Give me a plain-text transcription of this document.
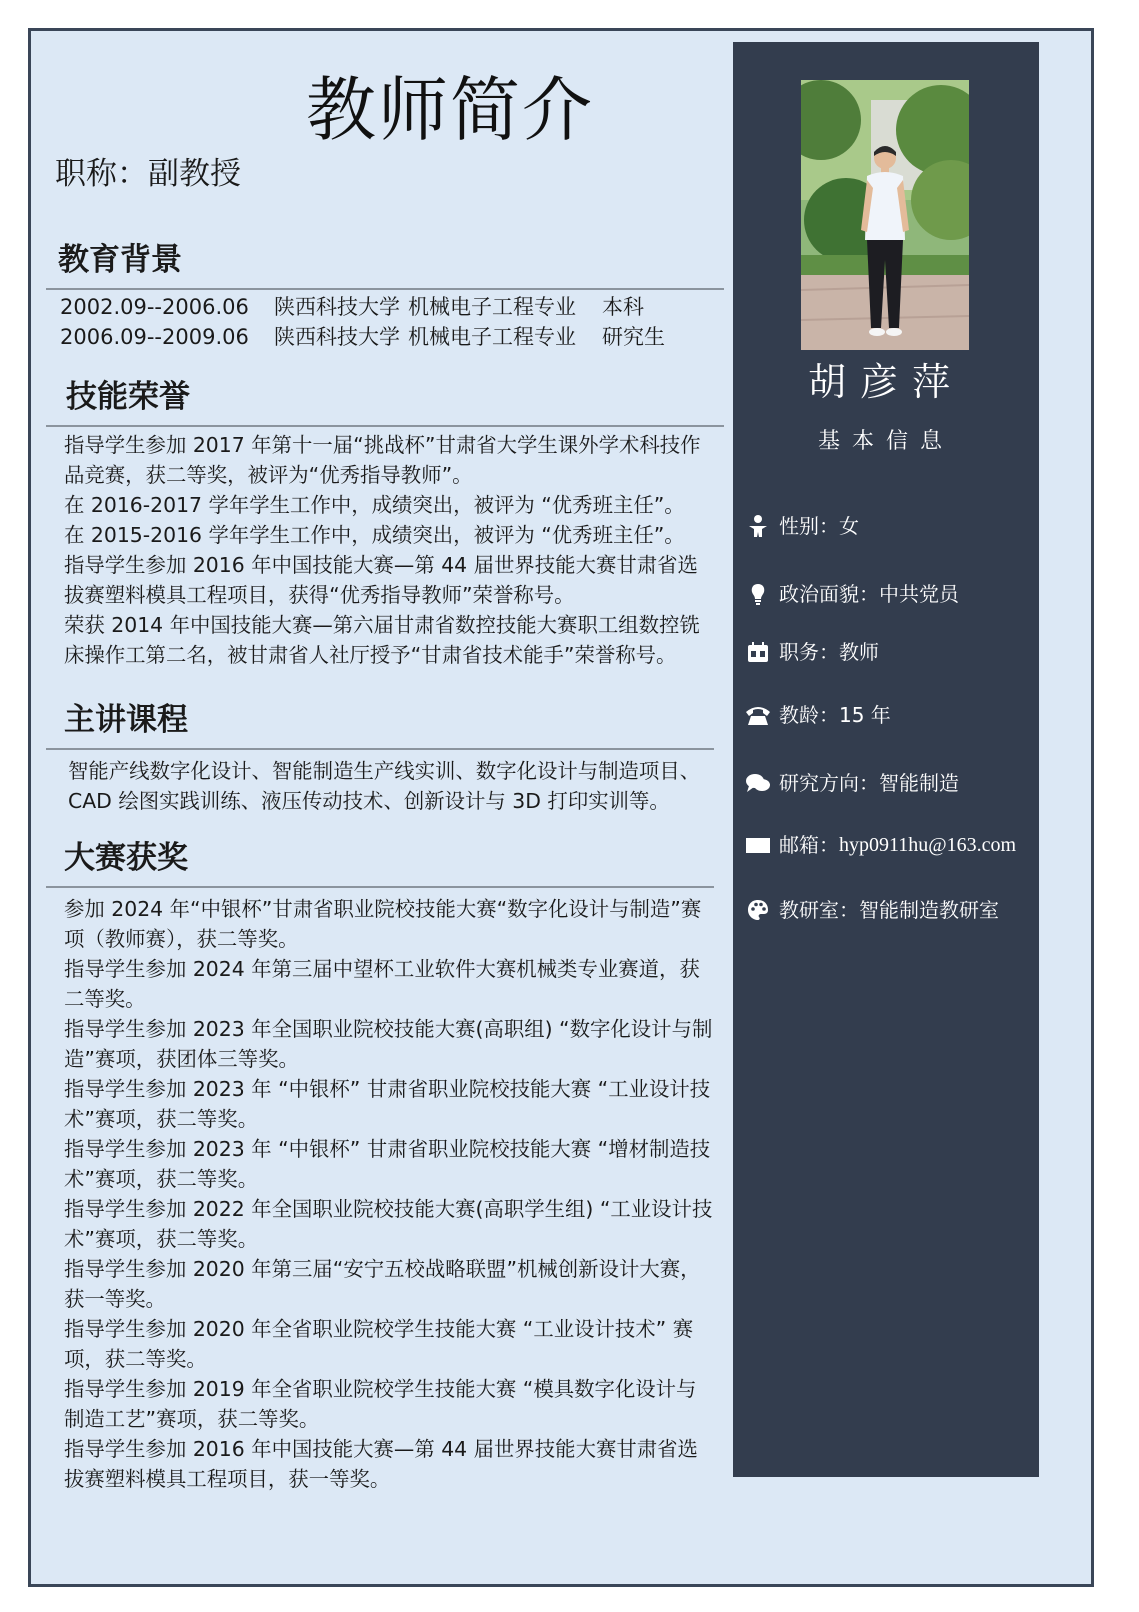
教师简介
职称：副教授
教育背景
2002.09--2006.06 陕西科技大学 机械电子工程专业 本科
2006.09--2009.06 陕西科技大学 机械电子工程专业 研究生
技能荣誉

指导学生参加 2017 年第十一届“挑战杯”甘肃省大学生课外学术科技作品竞赛，获二等奖，被评为“优秀指导教师”。

在 2016-2017 学年学生工作中，成绩突出，被评为 “优秀班主任”。

在 2015-2016 学年学生工作中，成绩突出，被评为 “优秀班主任”。

指导学生参加 2016 年中国技能大赛—第 44 届世界技能大赛甘肃省选拔赛塑料模具工程项目，获得“优秀指导教师”荣誉称号。

荣获 2014 年中国技能大赛—第六届甘肃省数控技能大赛职工组数控铣床操作工第二名，被甘肃省人社厅授予“甘肃省技术能手”荣誉称号。

主讲课程
智能产线数字化设计、智能制造生产线实训、数字化设计与制造项目、CAD 绘图实践训练、液压传动技术、创新设计与 3D 打印实训等。
大赛获奖

参加 2024 年“中银杯”甘肃省职业院校技能大赛“数字化设计与制造”赛项（教师赛），获二等奖。

指导学生参加 2024 年第三届中望杯工业软件大赛机械类专业赛道，获二等奖。

指导学生参加 2023 年全国职业院校技能大赛(高职组) “数字化设计与制造”赛项，获团体三等奖。

指导学生参加 2023 年 “中银杯” 甘肃省职业院校技能大赛 “工业设计技术”赛项，获二等奖。

指导学生参加 2023 年 “中银杯” 甘肃省职业院校技能大赛 “增材制造技术”赛项，获二等奖。

指导学生参加 2022 年全国职业院校技能大赛(高职学生组) “工业设计技术”赛项，获二等奖。

指导学生参加 2020 年第三届“安宁五校战略联盟”机械创新设计大赛，获一等奖。

指导学生参加 2020 年全省职业院校学生技能大赛 “工业设计技术” 赛项，获二等奖。

指导学生参加 2019 年全省职业院校学生技能大赛 “模具数字化设计与制造工艺”赛项，获二等奖。

指导学生参加 2016 年中国技能大赛—第 44 届世界技能大赛甘肃省选拔赛塑料模具工程项目，获一等奖。

胡彦萍
基本信息
性别：女
政治面貌：中共党员
职务：教师
教龄：15 年
研究方向：智能制造
邮箱： hyp0911hu@163.com
教研室：智能制造教研室
